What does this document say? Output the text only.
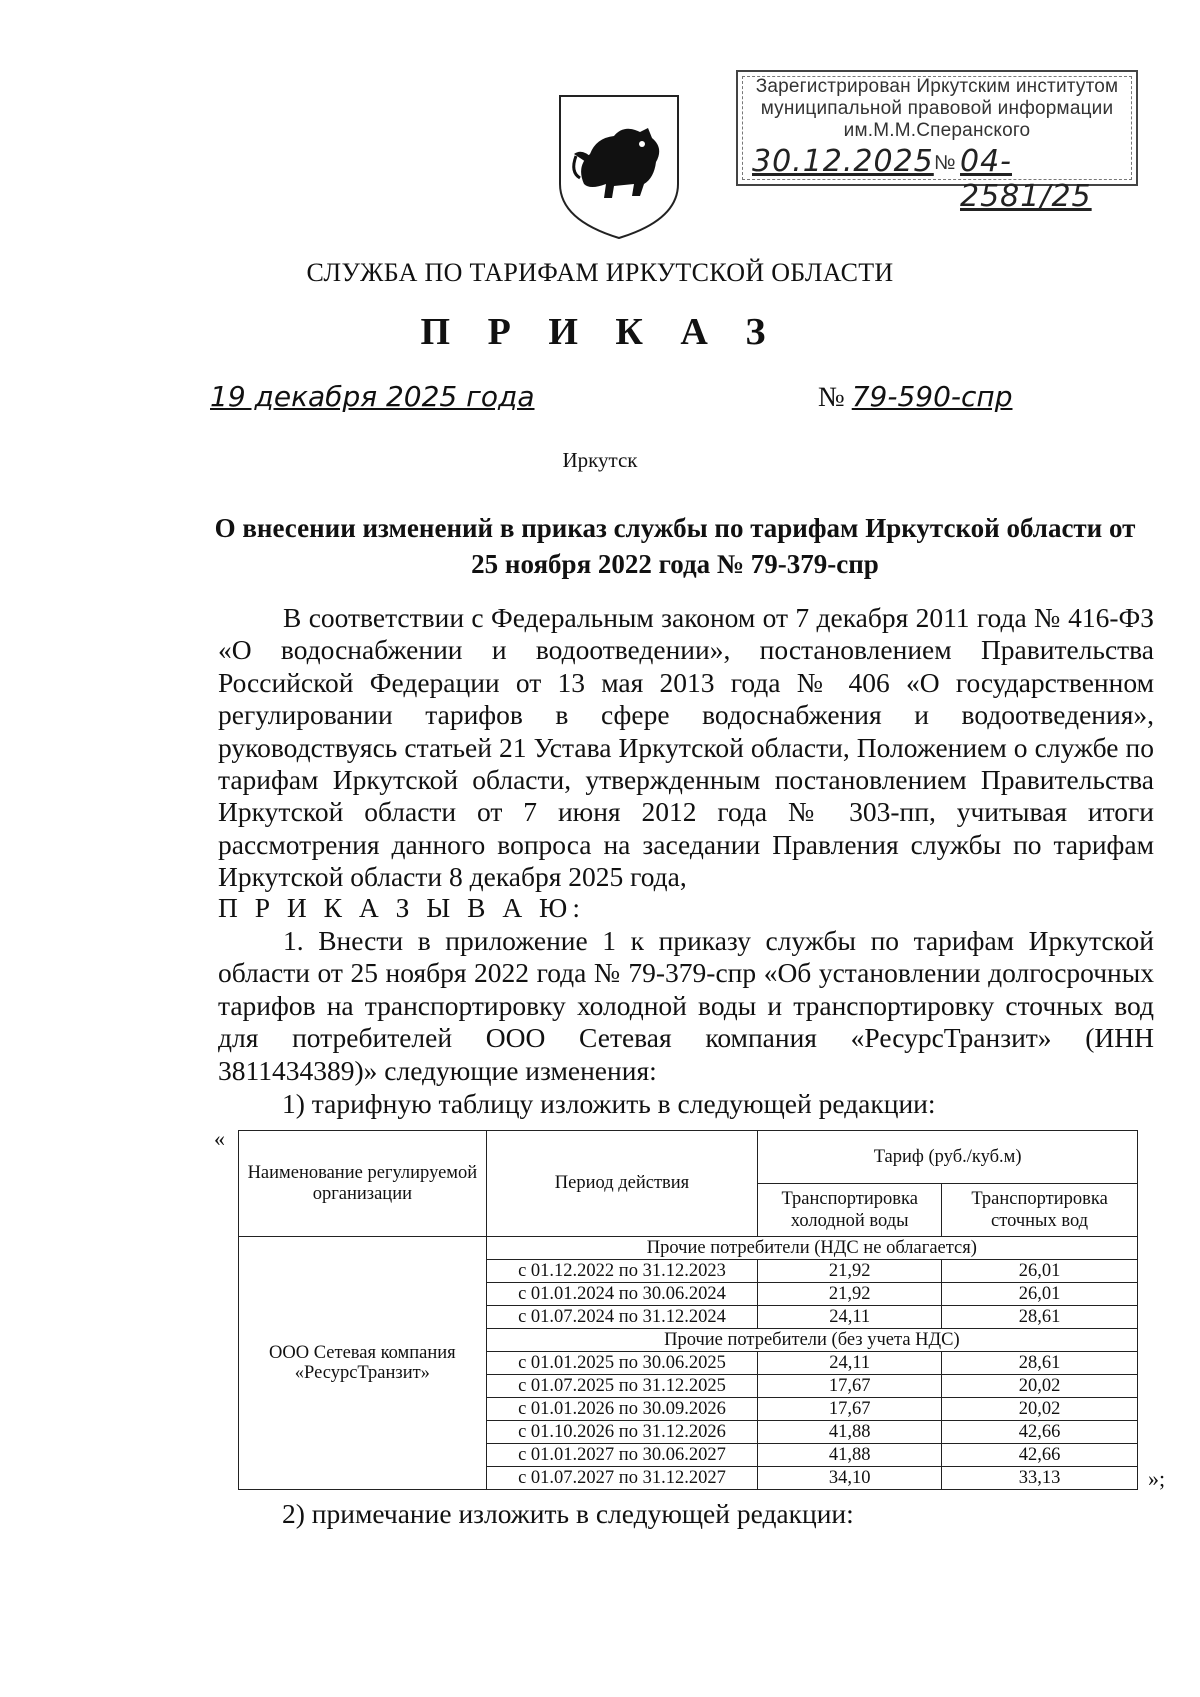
Зарегистрирован Иркутским институтом
муниципальной правовой информации
им.М.М.Сперанского
30.12.2025 № 04-2581/25
СЛУЖБА ПО ТАРИФАМ ИРКУТСКОЙ ОБЛАСТИ
П Р И К А З
19 декабря 2025 года	№ 79-590-спр
Иркутск
О внесении изменений в приказ службы по тарифам Иркутской области от 25 ноября 2022 года № 79-379-спр
В соответствии с Федеральным законом от 7 декабря 2011 года № 416-ФЗ «О водоснабжении и водоотведении», постановлением Правительства Российской Федерации от 13 мая 2013 года № 406 «О государственном регулировании тарифов в сфере водоснабжения и водоотведения», руководствуясь статьей 21 Устава Иркутской области, Положением о службе по тарифам Иркутской области, утвержденным постановлением Правительства Иркутской области от 7 июня 2012 года № 303-пп, учитывая итоги рассмотрения данного вопроса на заседании Правления службы по тарифам Иркутской области 8 декабря 2025 года,
П Р И К А З Ы В А Ю:
1. Внести в приложение 1 к приказу службы по тарифам Иркутской области от 25 ноября 2022 года № 79-379-спр «Об установлении долгосрочных тарифов на транспортировку холодной воды и транспортировку сточных вод для потребителей ООО Сетевая компания «РесурсТранзит» (ИНН 3811434389)» следующие изменения:
1) тарифную таблицу изложить в следующей редакции:
«
Наименование регулируемой организации	Период действия	Тариф (руб./куб.м)	
		Транспортировка холодной воды	Транспортировка сточных вод
ООО Сетевая компания «РесурсТранзит»	Прочие потребители (НДС не облагается)		
	с 01.12.2022 по 31.12.2023	21,92	26,01
	с 01.01.2024 по 30.06.2024	21,92	26,01
	с 01.07.2024 по 31.12.2024	24,11	28,61
	Прочие потребители (без учета НДС)		
	с 01.01.2025 по 30.06.2025	24,11	28,61
	с 01.07.2025 по 31.12.2025	17,67	20,02
	с 01.01.2026 по 30.09.2026	17,67	20,02
	с 01.10.2026 по 31.12.2026	41,88	42,66
	с 01.01.2027 по 30.06.2027	41,88	42,66
	с 01.07.2027 по 31.12.2027	34,10	33,13	»;
2) примечание изложить в следующей редакции:
